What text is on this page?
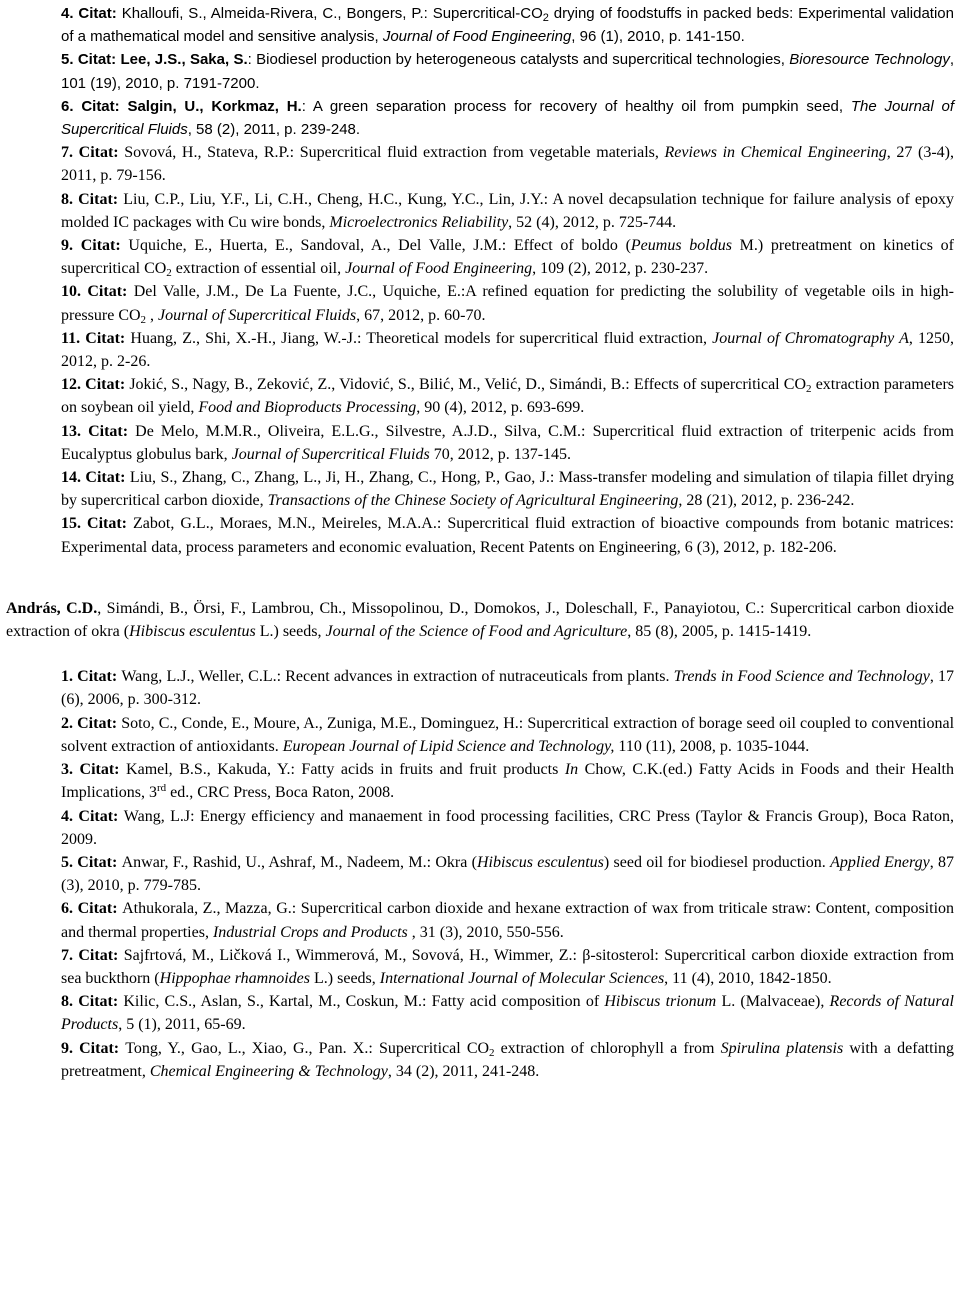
4. Citat: Khalloufi, S., Almeida-Rivera, C., Bongers, P.: Supercritical-$CO_2$ drying of foodstuffs in packed beds: Experimental validation of a mathematical model and sensitive analysis, Journal of Food Engineering, 96 (1), 2010, p. 141-150.

5. Citat: Lee, J.S., Saka, S.: Biodiesel production by heterogeneous catalysts and supercritical technologies, Bioresource Technology, 101 (19), 2010, p. 7191-7200.

6. Citat: Salgin, U., Korkmaz, H.: A green separation process for recovery of healthy oil from pumpkin seed, The Journal of Supercritical Fluids, 58 (2), 2011, p. 239-248.

7. Citat: Sovová, H., Stateva, R.P.: Supercritical fluid extraction from vegetable materials, Reviews in Chemical Engineering, 27 (3-4), 2011, p. 79-156.

8. Citat: Liu, C.P., Liu, Y.F., Li, C.H., Cheng, H.C., Kung, Y.C., Lin, J.Y.: A novel decapsulation technique for failure analysis of epoxy molded IC packages with Cu wire bonds, Microelectronics Reliability, 52 (4), 2012, p. 725-744.

9. Citat: Uquiche, E., Huerta, E., Sandoval, A., Del Valle, J.M.: Effect of boldo (Peumus boldus M.) pretreatment on kinetics of supercritical $CO_2$ extraction of essential oil, Journal of Food Engineering, 109 (2), 2012, p. 230-237.

10. Citat: Del Valle, J.M., De La Fuente, J.C., Uquiche, E.:A refined equation for predicting the solubility of vegetable oils in high-pressure $CO_2$ , Journal of Supercritical Fluids, 67, 2012, p. 60-70.

11. Citat: Huang, Z., Shi, X.-H., Jiang, W.-J.: Theoretical models for supercritical fluid extraction, Journal of Chromatography A, 1250, 2012, p. 2-26.

12. Citat: Jokić, S., Nagy, B., Zeković, Z., Vidović, S., Bilić, M., Velić, D., Simándi, B.: Effects of supercritical $CO_2$ extraction parameters on soybean oil yield, Food and Bioproducts Processing, 90 (4), 2012, p. 693-699.

13. Citat: De Melo, M.M.R., Oliveira, E.L.G., Silvestre, A.J.D., Silva, C.M.: Supercritical fluid extraction of triterpenic acids from Eucalyptus globulus bark, Journal of Supercritical Fluids 70, 2012, p. 137-145.

14. Citat: Liu, S., Zhang, C., Zhang, L., Ji, H., Zhang, C., Hong, P., Gao, J.: Mass-transfer modeling and simulation of tilapia fillet drying by supercritical carbon dioxide, Transactions of the Chinese Society of Agricultural Engineering, 28 (21), 2012, p. 236-242.

15. Citat: Zabot, G.L., Moraes, M.N., Meireles, M.A.A.: Supercritical fluid extraction of bioactive compounds from botanic matrices: Experimental data, process parameters and economic evaluation, Recent Patents on Engineering, 6 (3), 2012, p. 182-206.

András, C.D., Simándi, B., Örsi, F., Lambrou, Ch., Missopolinou, D., Domokos, J., Doleschall, F., Panayiotou, C.: Supercritical carbon dioxide extraction of okra (Hibiscus esculentus L.) seeds, Journal of the Science of Food and Agriculture, 85 (8), 2005, p. 1415-1419.

1. Citat: Wang, L.J., Weller, C.L.: Recent advances in extraction of nutraceuticals from plants. Trends in Food Science and Technology, 17 (6), 2006, p. 300-312.

2. Citat: Soto, C., Conde, E., Moure, A., Zuniga, M.E., Dominguez, H.: Supercritical extraction of borage seed oil coupled to conventional solvent extraction of antioxidants. European Journal of Lipid Science and Technology, 110 (11), 2008, p. 1035-1044.

3. Citat: Kamel, B.S., Kakuda, Y.: Fatty acids in fruits and fruit products In Chow, C.K.(ed.) Fatty Acids in Foods and their Health Implications, 3rd ed., CRC Press, Boca Raton, 2008.

4. Citat: Wang, L.J: Energy efficiency and manaement in food processing facilities, CRC Press (Taylor & Francis Group), Boca Raton, 2009.

5. Citat: Anwar, F., Rashid, U., Ashraf, M., Nadeem, M.: Okra (Hibiscus esculentus) seed oil for biodiesel production. Applied Energy, 87 (3), 2010, p. 779-785.

6. Citat: Athukorala, Z., Mazza, G.: Supercritical carbon dioxide and hexane extraction of wax from triticale straw: Content, composition and thermal properties, Industrial Crops and Products , 31 (3), 2010, 550-556.

7. Citat: Sajfrtová, M., Ličková I., Wimmerová, M., Sovová, H., Wimmer, Z.: β-sitosterol: Supercritical carbon dioxide extraction from sea buckthorn (Hippophae rhamnoides L.) seeds, International Journal of Molecular Sciences, 11 (4), 2010, 1842-1850.

8. Citat: Kilic, C.S., Aslan, S., Kartal, M., Coskun, M.: Fatty acid composition of Hibiscus trionum L. (Malvaceae), Records of Natural Products, 5 (1), 2011, 65-69.

9. Citat: Tong, Y., Gao, L., Xiao, G., Pan. X.: Supercritical $CO_2$ extraction of chlorophyll a from Spirulina platensis with a defatting pretreatment, Chemical Engineering & Technology, 34 (2), 2011, 241-248.
